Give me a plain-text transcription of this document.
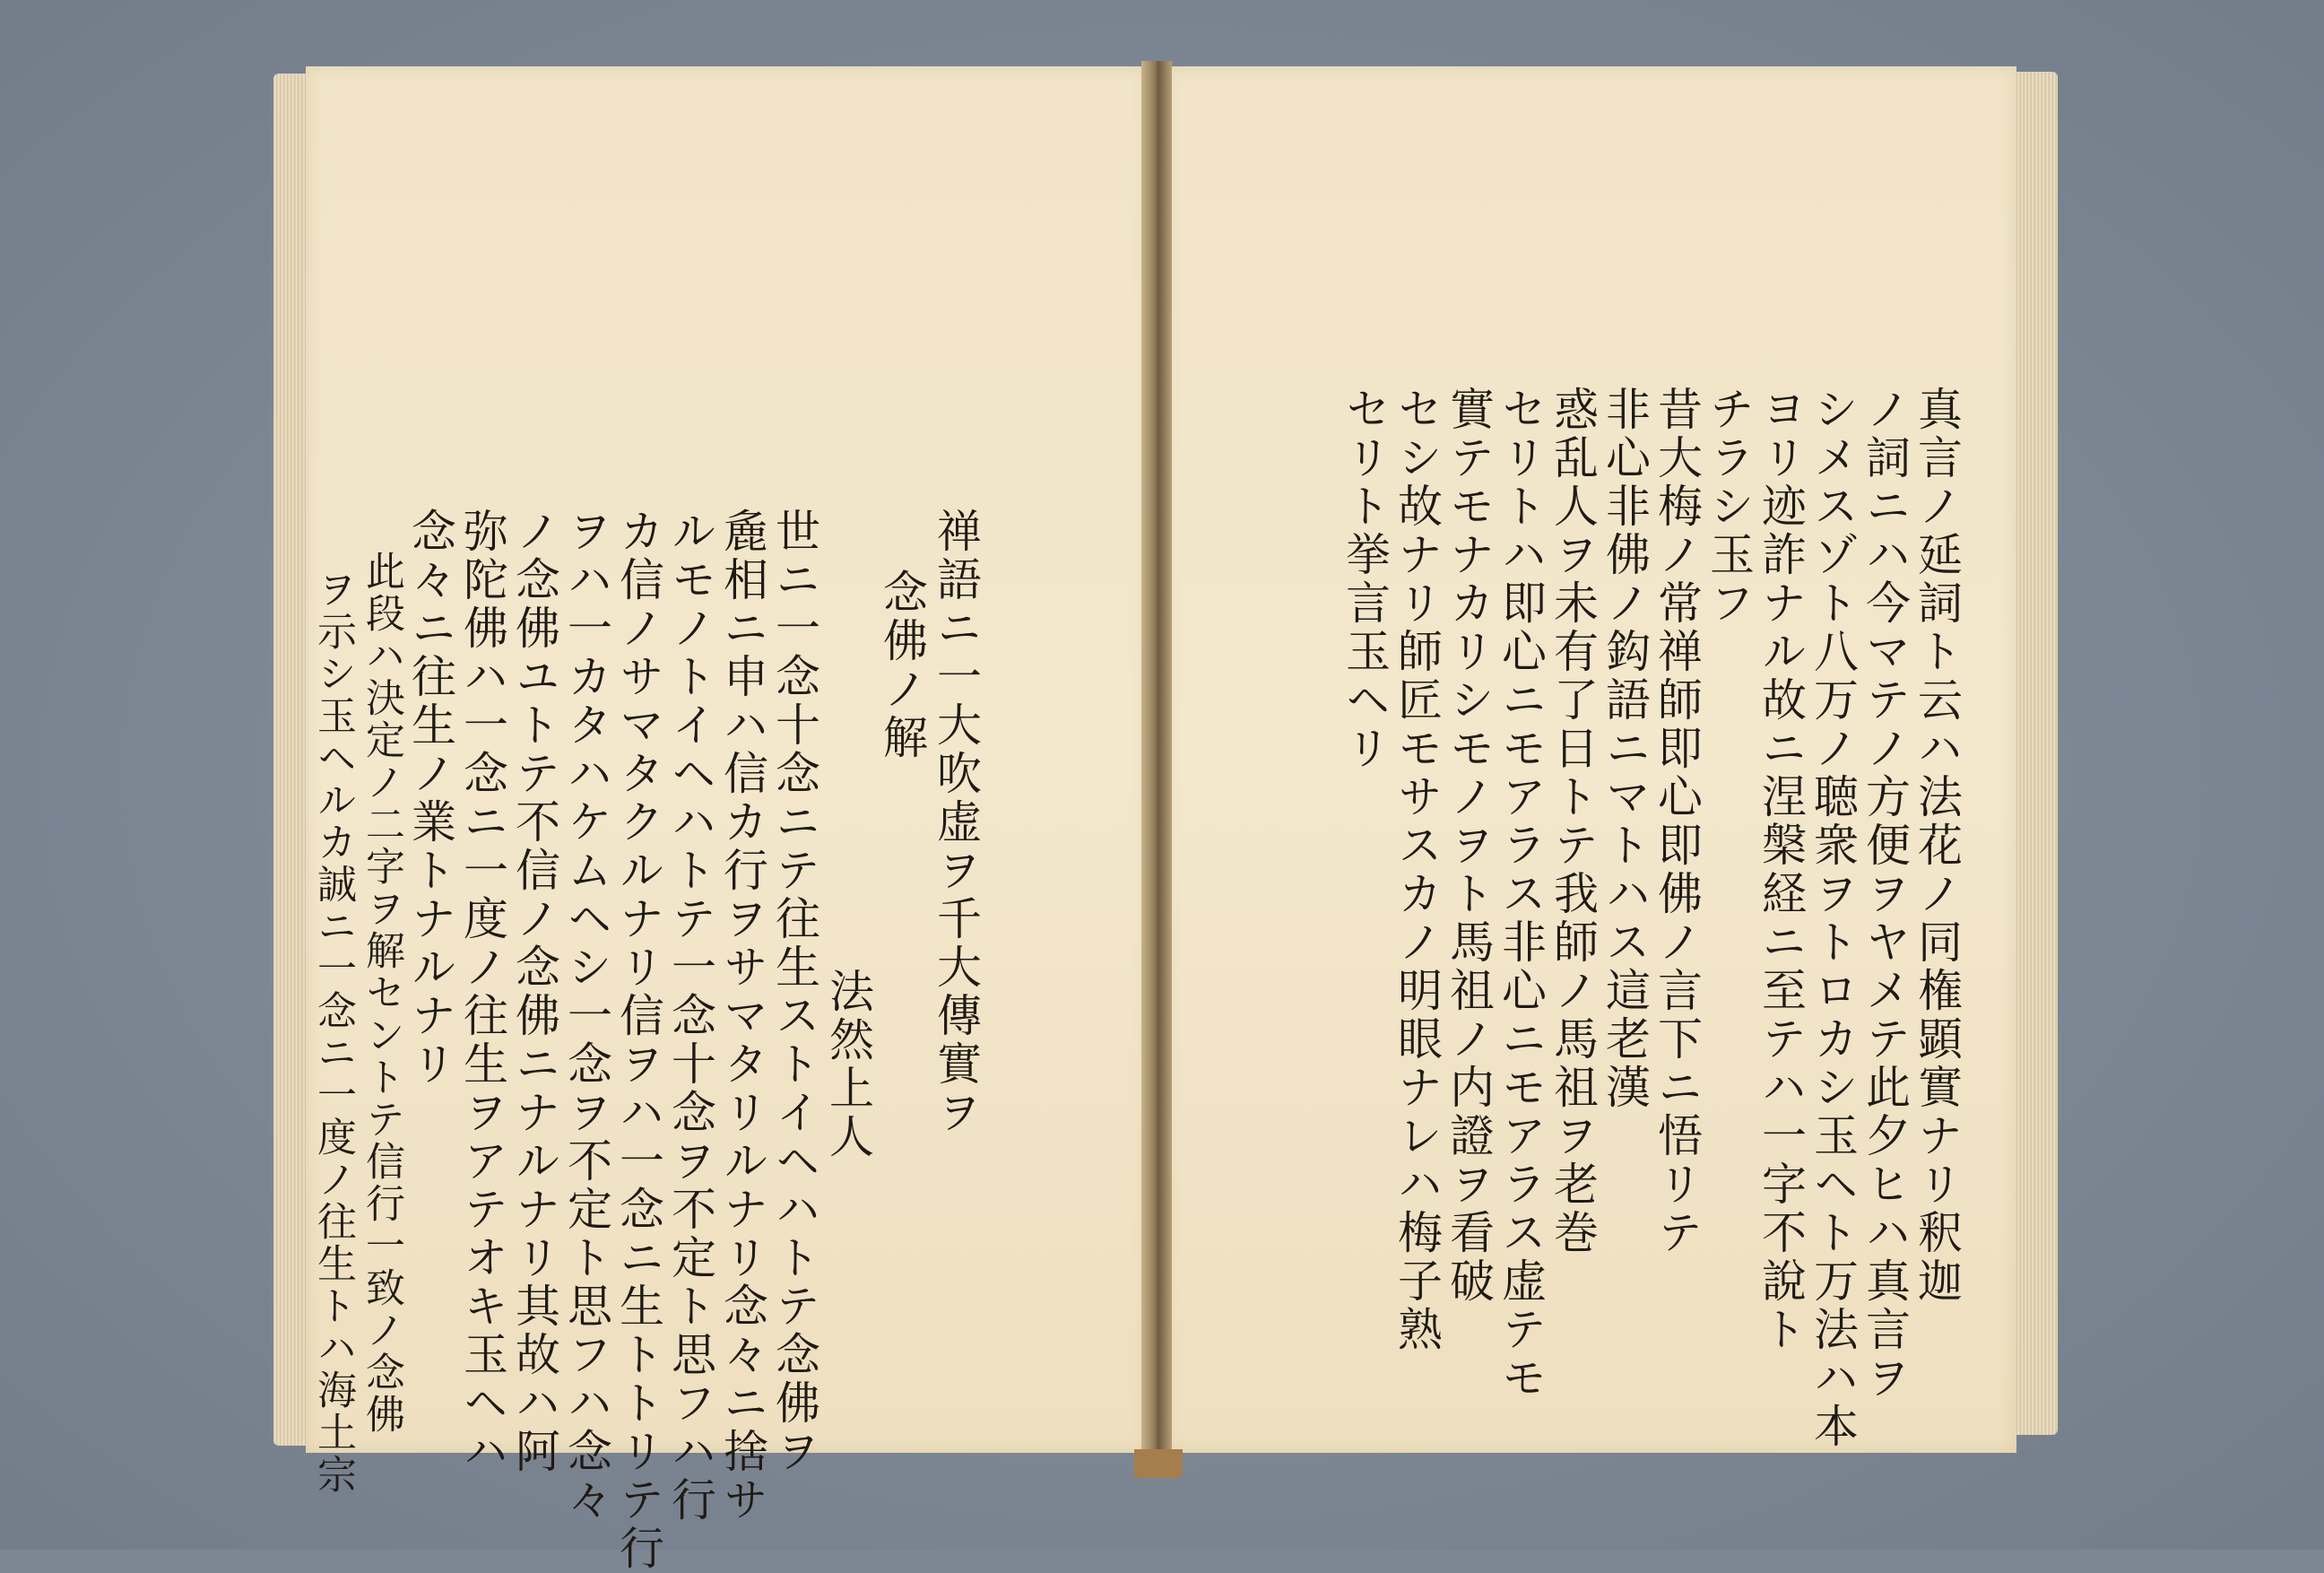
禅語ニ一大吹虚ヲ千大傳實ヲ
念佛ノ解
法然上人
世ニ一念十念ニテ往生ストイヘハトテ念佛ヲ
麁相ニ申ハ信カ行ヲサマタリルナリ念々ニ捨サ
ルモノトイヘハトテ一念十念ヲ不定ト思フハ行
カ信ノサマタクルナリ信ヲハ一念ニ生トトリテ行
ヲハ一カタハケムヘシ一念ヲ不定ト思フハ念々
ノ念佛ユトテ不信ノ念佛ニナルナリ其故ハ阿
弥陀佛ハ一念ニ一度ノ往生ヲアテオキ玉ヘハ
念々ニ往生ノ業トナルナリ
此段ハ決定ノ二字ヲ解セントテ信行一致ノ念佛
ヲ示シ玉ヘルカ誠ニ一念ニ一度ノ往生トハ海土宗	真言ノ延詞ト云ハ法花ノ同権顕實ナリ釈迦
ノ詞ニハ今マテノ方便ヲヤメテ此夕ヒハ真言ヲ
シメスゾト八万ノ聴衆ヲトロカシ玉ヘト万法ハ本
ヨリ迹詐ナル故ニ涅槃経ニ至テハ一字不說ト
チラシ玉フ
昔大梅ノ常禅師即心即佛ノ言下ニ悟リテ
非心非佛ノ鈎語ニマトハス這老漢
惑乱人ヲ未有了日トテ我師ノ馬祖ヲ老巻
セリトハ即心ニモアラス非心ニモアラス虚テモ
實テモナカリシモノヲト馬祖ノ内證ヲ看破
セシ故ナリ師匠モサスカノ明眼ナレハ梅子熟
セリト挙言玉ヘリ
